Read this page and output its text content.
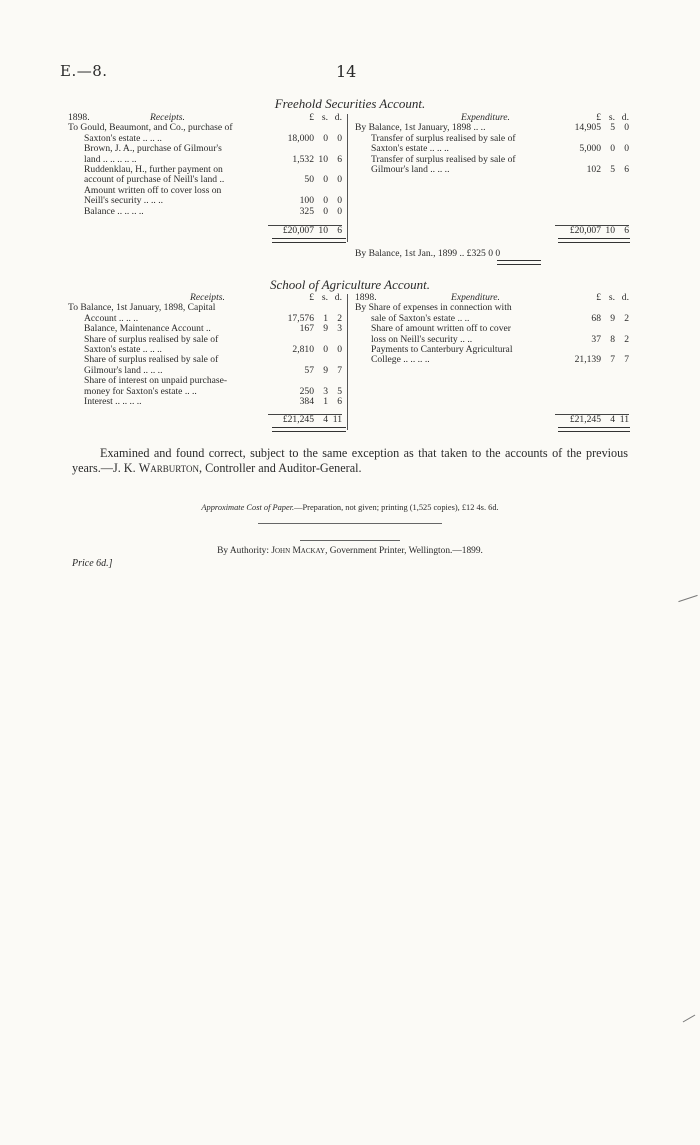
E.—8.	14
Freehold Securities Account.
1898. Receipts.	£	s.	d.
To Gould, Beaumont, and Co., purchase of			
Saxton's estate .. .. ..	18,000	0	0
Brown, J. A., purchase of Gilmour's			
land .. .. .. .. ..	1,532	10	6
Ruddenklau, H., further payment on			
account of purchase of Neill's land ..	50	0	0
Amount written off to cover loss on			
Neill's security .. .. ..	100	0	0
Balance .. .. .. ..	325	0	0
Expenditure.	£	s.	d.
By Balance, 1st January, 1898 .. ..	14,905	5	0
Transfer of surplus realised by sale of			
Saxton's estate .. .. ..	5,000	0	0
Transfer of surplus realised by sale of			
Gilmour's land .. .. ..	102	5	6
£20,007	10	6	£20,007	10	6
By Balance, 1st Jan., 1899 .. £325 0 0
School of Agriculture Account.
Receipts.	£	s.	d.
To Balance, 1st January, 1898, Capital			
Account .. .. ..	17,576	1	2
Balance, Maintenance Account ..	167	9	3
Share of surplus realised by sale of			
Saxton's estate .. .. ..	2,810	0	0
Share of surplus realised by sale of			
Gilmour's land .. .. ..	57	9	7
Share of interest on unpaid purchase-			
money for Saxton's estate .. ..	250	3	5
Interest .. .. .. ..	384	1	6
1898. Expenditure.	£	s.	d.
By Share of expenses in connection with			
sale of Saxton's estate .. ..	68	9	2
Share of amount written off to cover			
loss on Neill's security .. ..	37	8	2
Payments to Canterbury Agricultural			
College .. .. .. ..	21,139	7	7
£21,245	4	11	£21,245	4	11
Examined and found correct, subject to the same exception as that taken to the accounts of the previous years.—J. K. Warburton, Controller and Auditor-General.
Approximate Cost of Paper.—Preparation, not given; printing (1,525 copies), £12 4s. 6d.
By Authority: John Mackay, Government Printer, Wellington.—1899.
Price 6d.]
